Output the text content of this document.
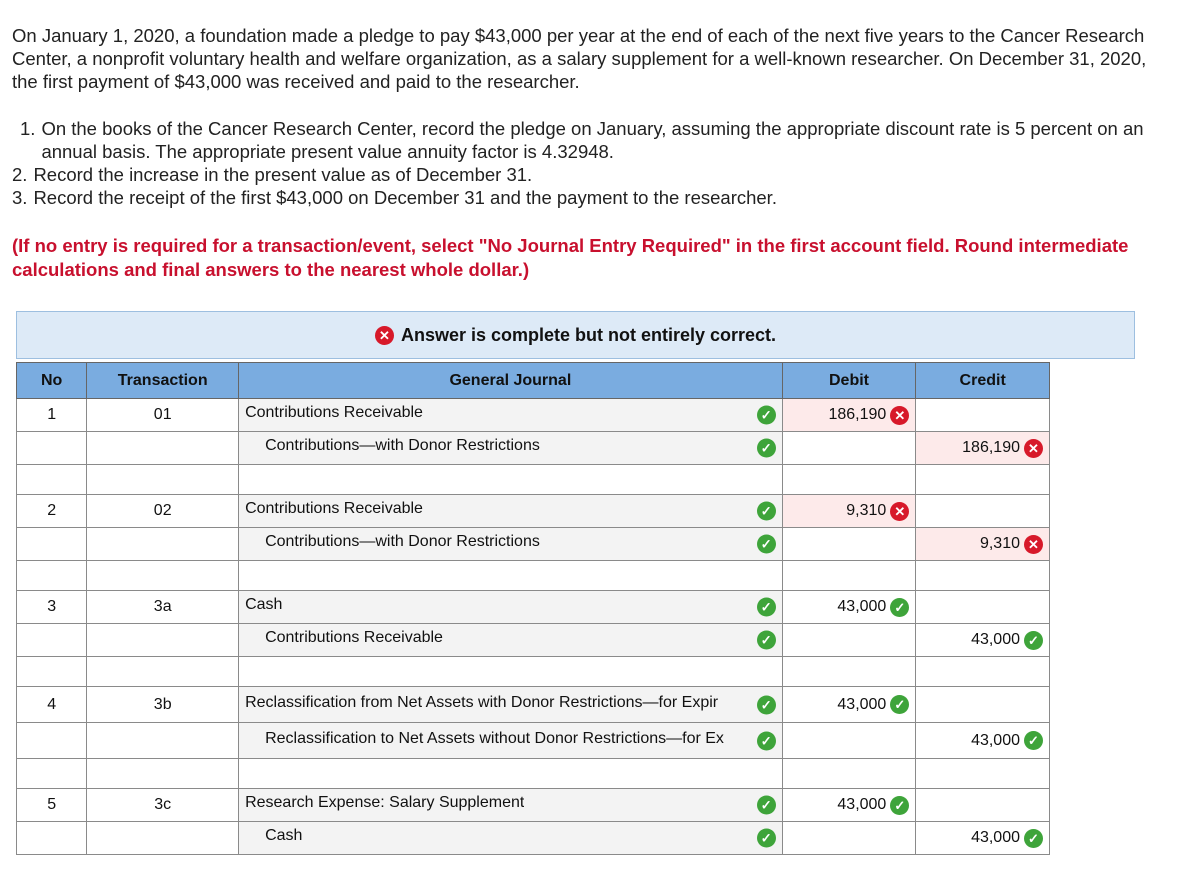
On January 1, 2020, a foundation made a pledge to pay $43,000 per year at the end of each of the next five years to the Cancer Research Center, a nonprofit voluntary health and welfare organization, as a salary supplement for a well-known researcher. On December 31, 2020, the first payment of $43,000 was received and paid to the researcher.
1. On the books of the Cancer Research Center, record the pledge on January, assuming the appropriate discount rate is 5 percent on an annual basis. The appropriate present value annuity factor is 4.32948.
2. Record the increase in the present value as of December 31.
3. Record the receipt of the first $43,000 on December 31 and the payment to the researcher.
(If no entry is required for a transaction/event, select "No Journal Entry Required" in the first account field. Round intermediate calculations and final answers to the nearest whole dollar.)
✕ Answer is complete but not entirely correct.
No	Transaction	General Journal	Debit	Credit
1	01	Contributions Receivable ✓	186,190 ✕	
		Contributions—with Donor Restrictions ✓		186,190 ✕

2	02	Contributions Receivable ✓	9,310 ✕	
		Contributions—with Donor Restrictions ✓		9,310 ✕

3	3a	Cash ✓	43,000 ✓	
		Contributions Receivable ✓		43,000 ✓

4	3b	Reclassification from Net Assets with Donor Restrictions—for Expir ✓	43,000 ✓	
		Reclassification to Net Assets without Donor Restrictions—for Ex ✓		43,000 ✓

5	3c	Research Expense: Salary Supplement ✓	43,000 ✓	
		Cash ✓		43,000 ✓
